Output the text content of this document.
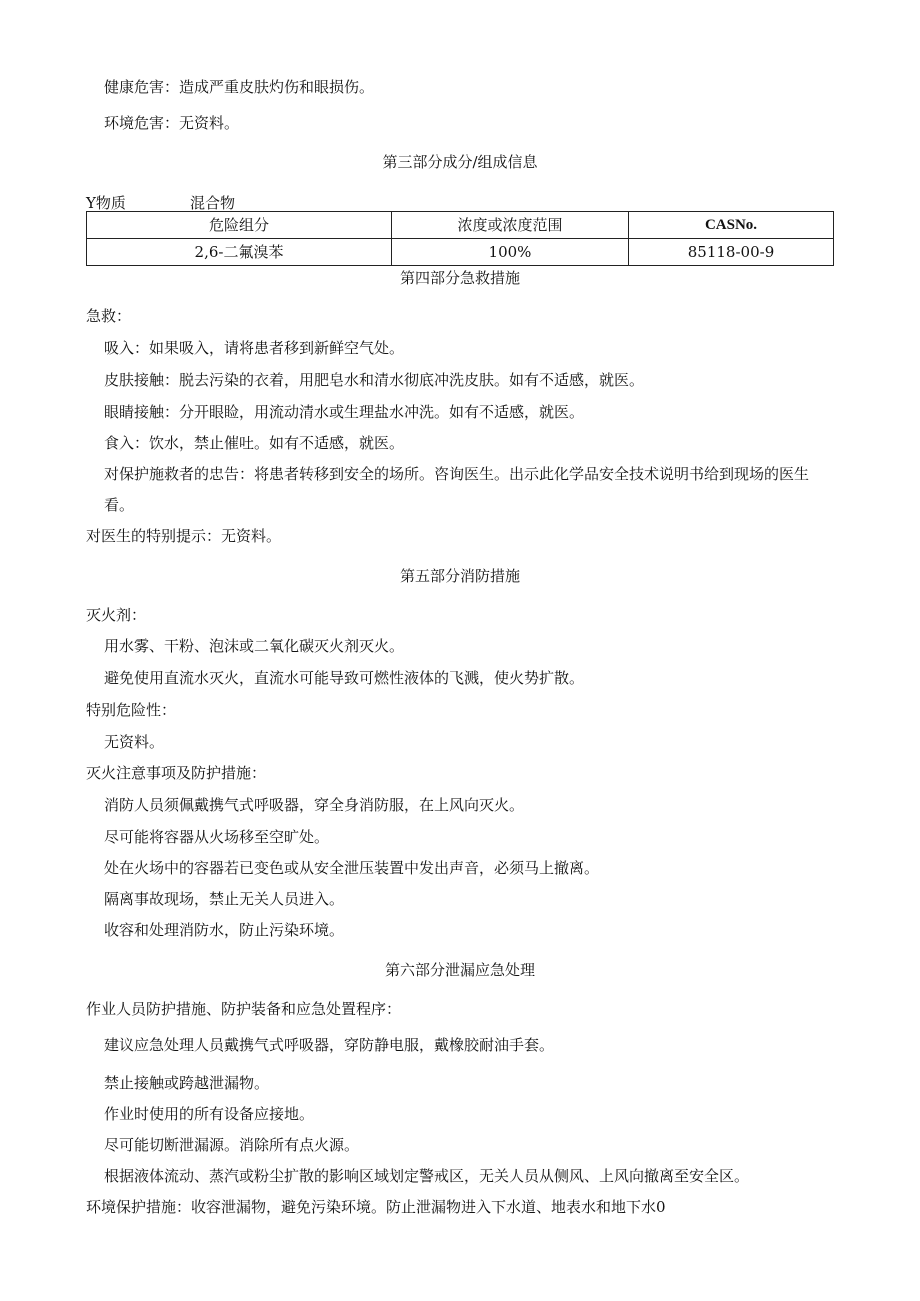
健康危害：造成严重皮肤灼伤和眼损伤。
环境危害：无资料。
第三部分成分/组成信息
Y物质	混合物
危险组分	浓度或浓度范围	CASNo.
2,6-二氟溴苯	100%	85118-00-9
第四部分急救措施
急救：
吸入：如果吸入，请将患者移到新鲜空气处。
皮肤接触：脱去污染的衣着，用肥皂水和清水彻底冲洗皮肤。如有不适感，就医。
眼睛接触：分开眼睑，用流动清水或生理盐水冲洗。如有不适感，就医。
食入：饮水，禁止催吐。如有不适感，就医。
对保护施救者的忠告：将患者转移到安全的场所。咨询医生。出示此化学品安全技术说明书给到现场的医生
看。
对医生的特别提示：无资料。
第五部分消防措施
灭火剂：
用水雾、干粉、泡沫或二氧化碳灭火剂灭火。
避免使用直流水灭火，直流水可能导致可燃性液体的飞溅，使火势扩散。
特别危险性：
无资料。
灭火注意事项及防护措施：
消防人员须佩戴携气式呼吸器，穿全身消防服，在上风向灭火。
尽可能将容器从火场移至空旷处。
处在火场中的容器若已变色或从安全泄压装置中发出声音，必须马上撤离。
隔离事故现场，禁止无关人员进入。
收容和处理消防水，防止污染环境。
第六部分泄漏应急处理
作业人员防护措施、防护装备和应急处置程序：
建议应急处理人员戴携气式呼吸器，穿防静电服，戴橡胶耐油手套。
禁止接触或跨越泄漏物。
作业时使用的所有设备应接地。
尽可能切断泄漏源。消除所有点火源。
根据液体流动、蒸汽或粉尘扩散的影响区域划定警戒区，无关人员从侧风、上风向撤离至安全区。
环境保护措施：收容泄漏物，避免污染环境。防止泄漏物进入下水道、地表水和地下水0
